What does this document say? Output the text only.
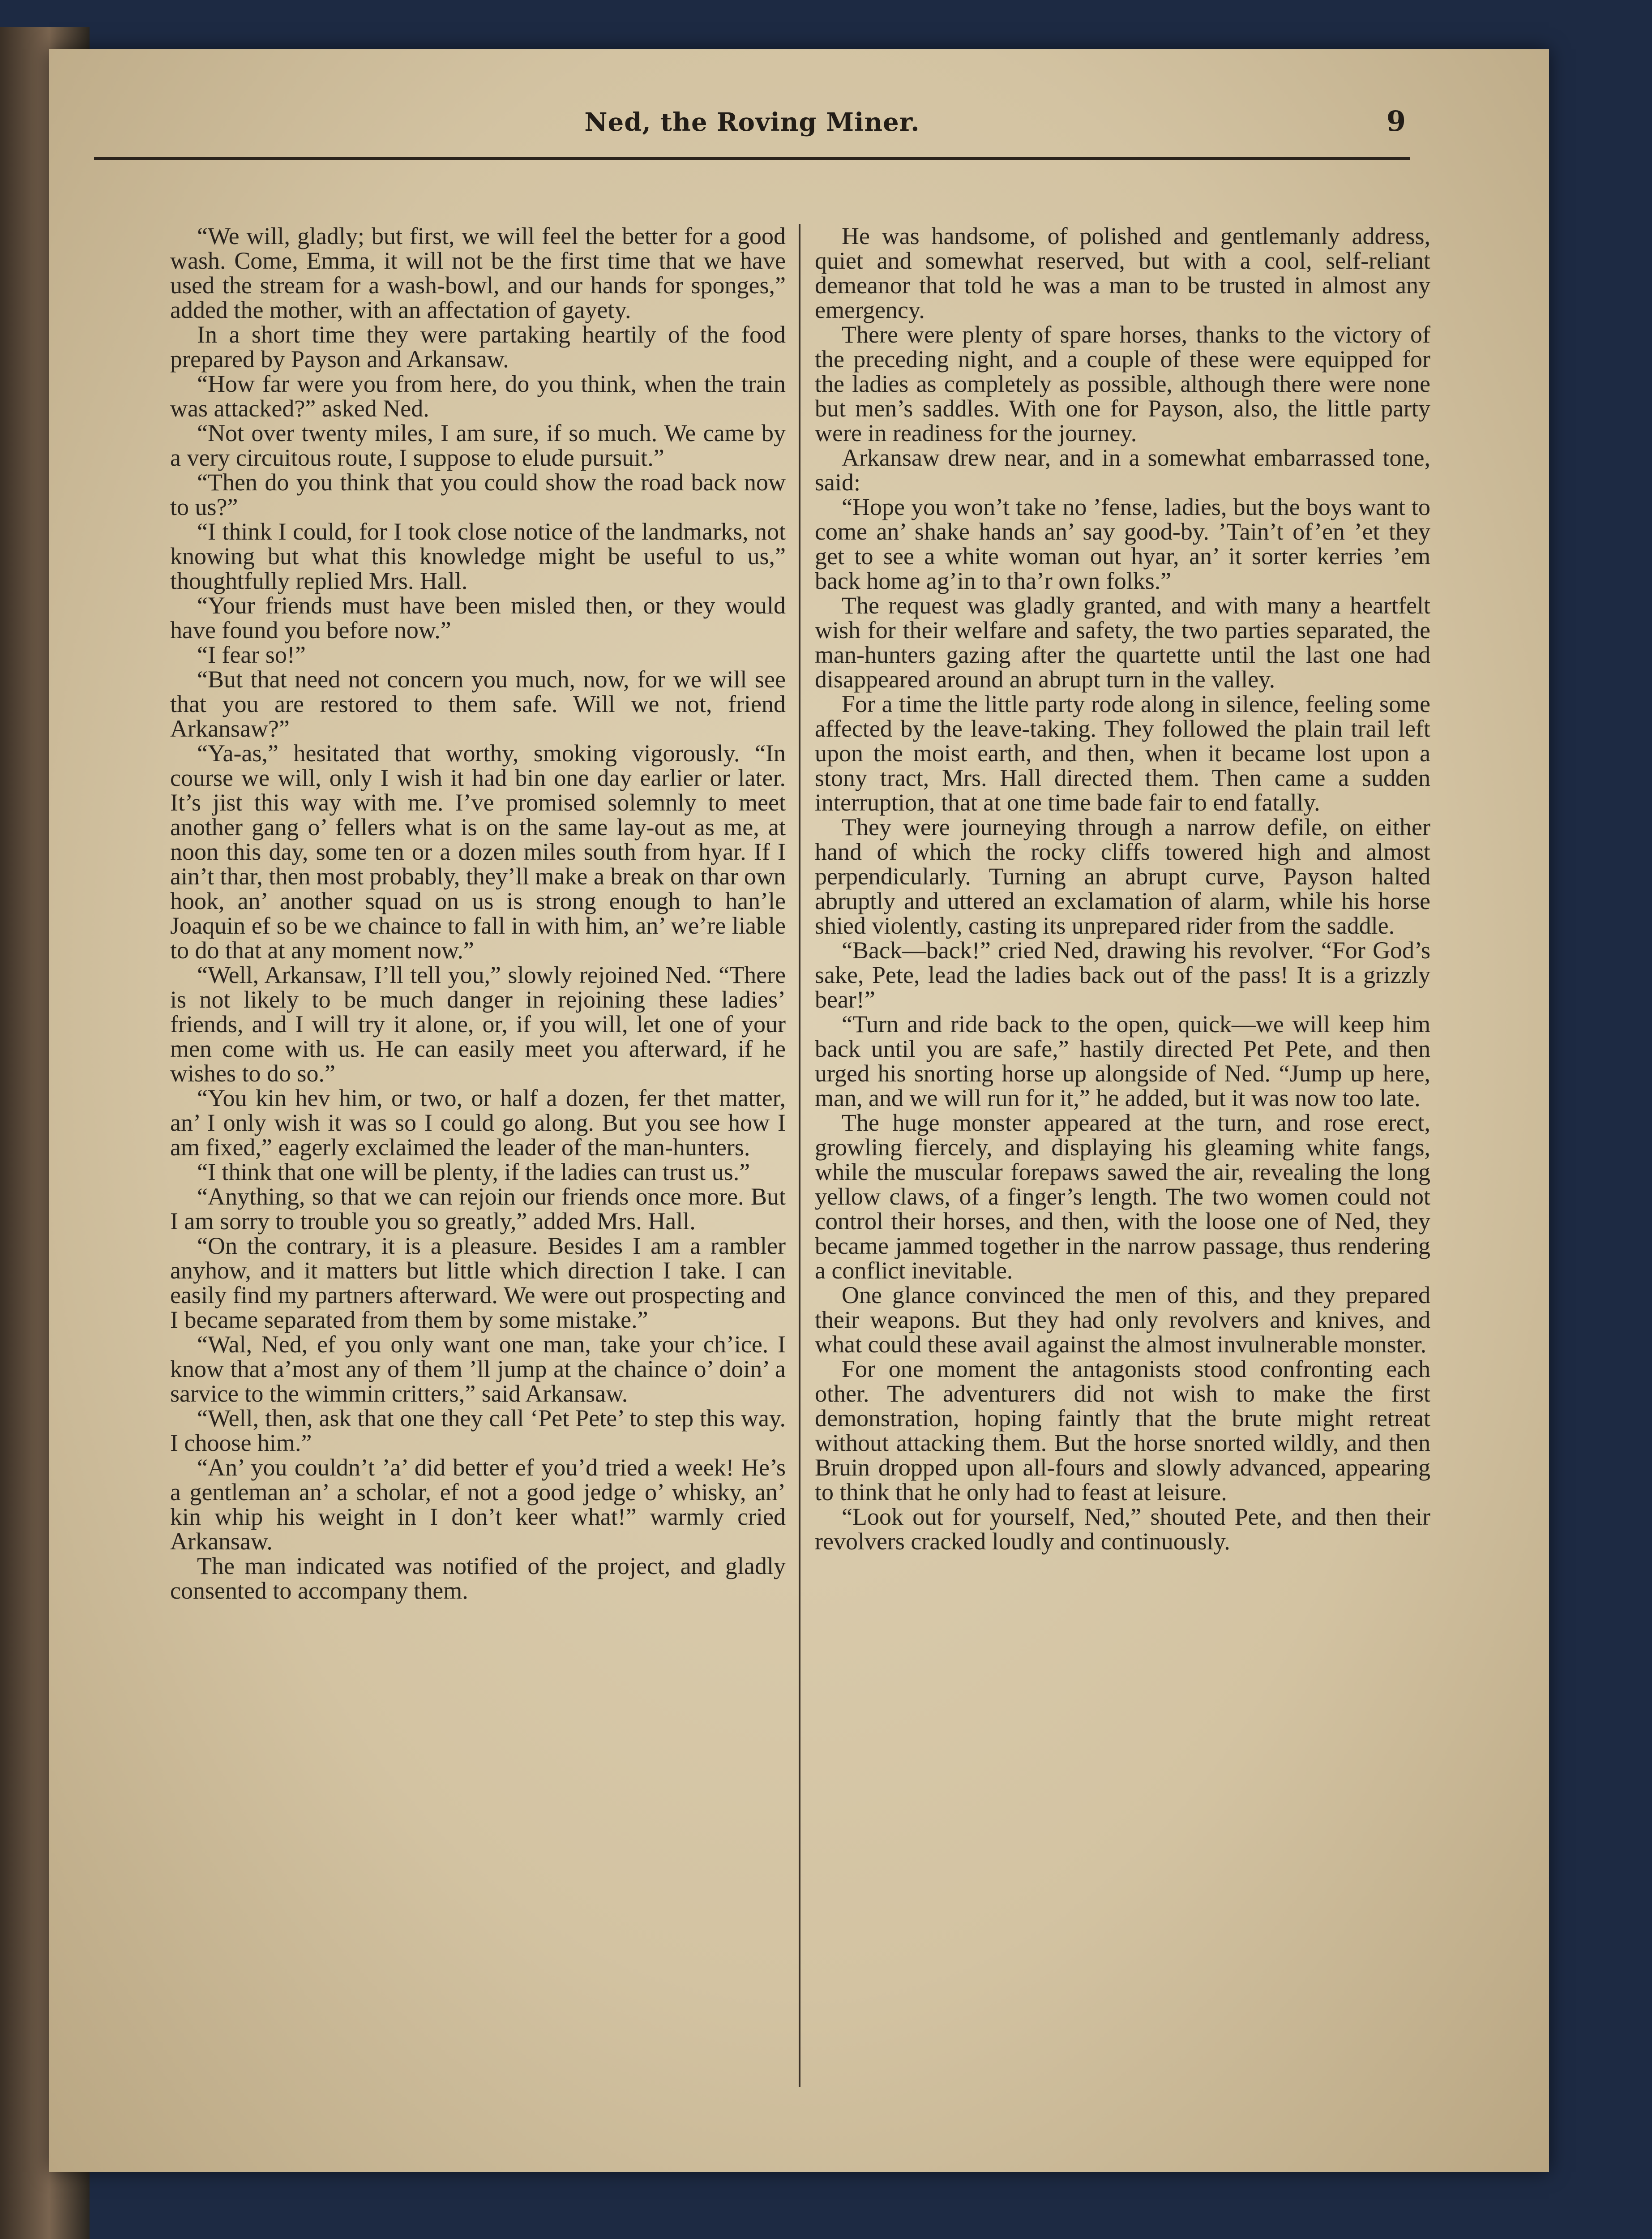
Ned, the Roving Miner.	9

“We will, gladly; but first, we will feel the better for a good wash. Come, Emma, it will not be the first time that we have used the stream for a wash-bowl, and our hands for sponges,” added the mother, with an affectation of gayety.

In a short time they were partaking heartily of the food prepared by Payson and Arkansaw.

“How far were you from here, do you think, when the train was attacked?” asked Ned.

“Not over twenty miles, I am sure, if so much. We came by a very circuitous route, I suppose to elude pursuit.”

“Then do you think that you could show the road back now to us?”

“I think I could, for I took close notice of the landmarks, not knowing but what this knowledge might be useful to us,” thoughtfully replied Mrs. Hall.

“Your friends must have been misled then, or they would have found you before now.”

“I fear so!”

“But that need not concern you much, now, for we will see that you are restored to them safe. Will we not, friend Arkansaw?”

“Ya-as,” hesitated that worthy, smoking vigorously. “In course we will, only I wish it had bin one day earlier or later. It’s jist this way with me. I’ve promised solemnly to meet another gang o’ fellers what is on the same lay-out as me, at noon this day, some ten or a dozen miles south from hyar. If I ain’t thar, then most probably, they’ll make a break on thar own hook, an’ another squad on us is strong enough to han’le Joaquin ef so be we chaince to fall in with him, an’ we’re liable to do that at any moment now.”

“Well, Arkansaw, I’ll tell you,” slowly rejoined Ned. “There is not likely to be much danger in rejoining these ladies’ friends, and I will try it alone, or, if you will, let one of your men come with us. He can easily meet you afterward, if he wishes to do so.”

“You kin hev him, or two, or half a dozen, fer thet matter, an’ I only wish it was so I could go along. But you see how I am fixed,” eagerly exclaimed the leader of the man-hunters.

“I think that one will be plenty, if the ladies can trust us.”

“Anything, so that we can rejoin our friends once more. But I am sorry to trouble you so greatly,” added Mrs. Hall.

“On the contrary, it is a pleasure. Besides I am a rambler anyhow, and it matters but little which direction I take. I can easily find my partners afterward. We were out prospecting and I became separated from them by some mistake.”

“Wal, Ned, ef you only want one man, take your ch’ice. I know that a’most any of them ’ll jump at the chaince o’ doin’ a sarvice to the wimmin critters,” said Arkansaw.

“Well, then, ask that one they call ‘Pet Pete’ to step this way. I choose him.”

“An’ you couldn’t ’a’ did better ef you’d tried a week! He’s a gentleman an’ a scholar, ef not a good jedge o’ whisky, an’ kin whip his weight in I don’t keer what!” warmly cried Arkansaw.

The man indicated was notified of the project, and gladly consented to accompany them.

He was handsome, of polished and gentlemanly address, quiet and somewhat reserved, but with a cool, self-reliant demeanor that told he was a man to be trusted in almost any emergency.

There were plenty of spare horses, thanks to the victory of the preceding night, and a couple of these were equipped for the ladies as completely as possible, although there were none but men’s saddles. With one for Payson, also, the little party were in readiness for the journey.

Arkansaw drew near, and in a somewhat embarrassed tone, said:

“Hope you won’t take no ’fense, ladies, but the boys want to come an’ shake hands an’ say good-by. ’Tain’t of’en ’et they get to see a white woman out hyar, an’ it sorter kerries ’em back home ag’in to tha’r own folks.”

The request was gladly granted, and with many a heartfelt wish for their welfare and safety, the two parties separated, the man-hunters gazing after the quartette until the last one had disappeared around an abrupt turn in the valley.

For a time the little party rode along in silence, feeling some affected by the leave-taking. They followed the plain trail left upon the moist earth, and then, when it became lost upon a stony tract, Mrs. Hall directed them. Then came a sudden interruption, that at one time bade fair to end fatally.

They were journeying through a narrow defile, on either hand of which the rocky cliffs towered high and almost perpendicularly. Turning an abrupt curve, Payson halted abruptly and uttered an exclamation of alarm, while his horse shied violently, casting its unprepared rider from the saddle.

“Back—back!” cried Ned, drawing his revolver. “For God’s sake, Pete, lead the ladies back out of the pass! It is a grizzly bear!”

“Turn and ride back to the open, quick—we will keep him back until you are safe,” hastily directed Pet Pete, and then urged his snorting horse up alongside of Ned. “Jump up here, man, and we will run for it,” he added, but it was now too late.

The huge monster appeared at the turn, and rose erect, growling fiercely, and displaying his gleaming white fangs, while the muscular forepaws sawed the air, revealing the long yellow claws, of a finger’s length. The two women could not control their horses, and then, with the loose one of Ned, they became jammed together in the narrow passage, thus rendering a conflict inevitable.

One glance convinced the men of this, and they prepared their weapons. But they had only revolvers and knives, and what could these avail against the almost invulnerable monster.

For one moment the antagonists stood confronting each other. The adventurers did not wish to make the first demonstration, hoping faintly that the brute might retreat without attacking them. But the horse snorted wildly, and then Bruin dropped upon all-fours and slowly advanced, appearing to think that he only had to feast at leisure.

“Look out for yourself, Ned,” shouted Pete, and then their revolvers cracked loudly and continuously.
